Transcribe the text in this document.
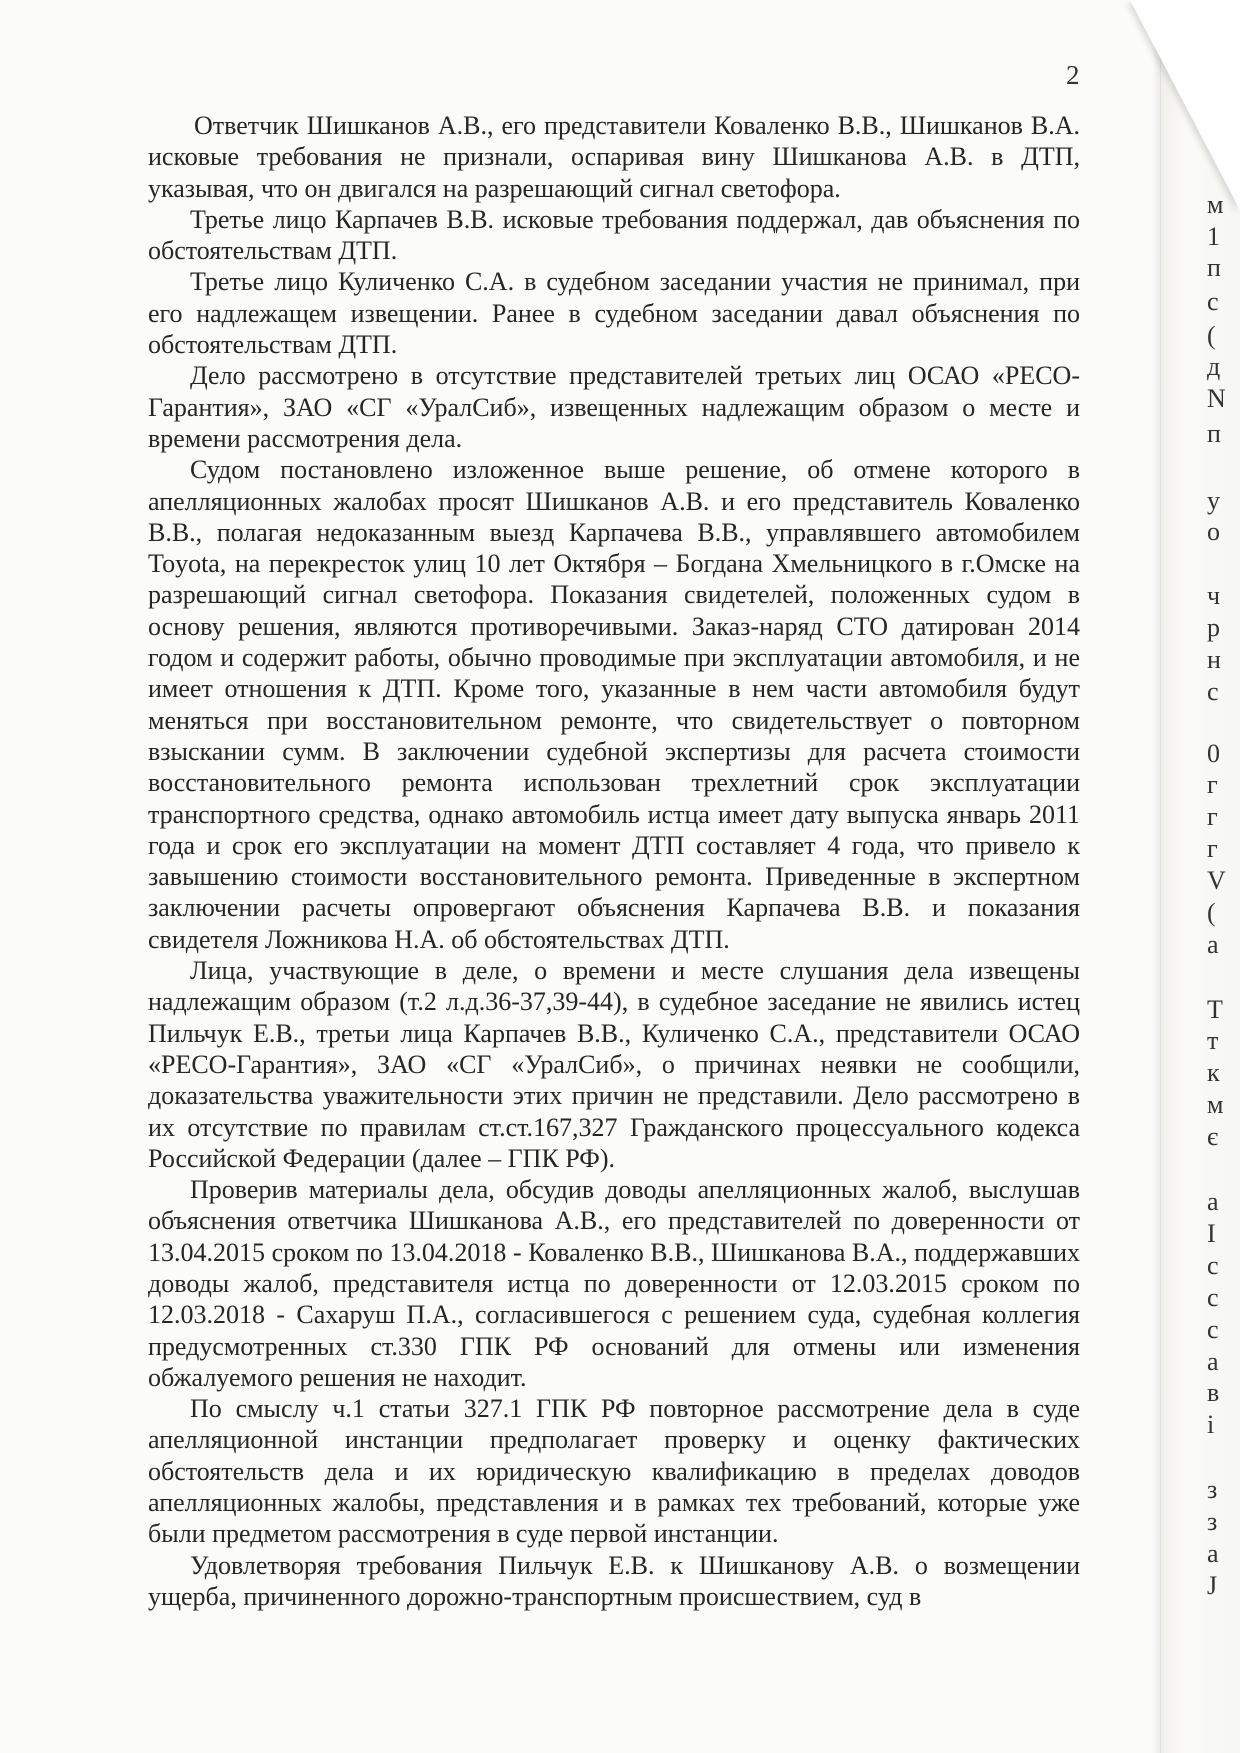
2

Ответчик Шишканов А.В., его представители Коваленко В.В., Шишканов В.А. исковые требования не признали, оспаривая вину Шишканова А.В. в ДТП, указывая, что он двигался на разрешающий сигнал светофора.

Третье лицо Карпачев В.В. исковые требования поддержал, дав объяснения по обстоятельствам ДТП.

Третье лицо Куличенко С.А. в судебном заседании участия не принимал, при его надлежащем извещении. Ранее в судебном заседании давал объяснения по обстоятельствам ДТП.

Дело рассмотрено в отсутствие представителей третьих лиц ОСАО «РЕСО-Гарантия», ЗАО «СГ «УралСиб», извещенных надлежащим образом о месте и времени рассмотрения дела.

Судом постановлено изложенное выше решение, об отмене которого в апелляционных жалобах просят Шишканов А.В. и его представитель Коваленко В.В., полагая недоказанным выезд Карпачева В.В., управлявшего автомобилем Toyota, на перекресток улиц 10 лет Октября – Богдана Хмельницкого в г.Омске на разрешающий сигнал светофора. Показания свидетелей, положенных судом в основу решения, являются противоречивыми. Заказ-наряд СТО датирован 2014 годом и содержит работы, обычно проводимые при эксплуатации автомобиля, и не имеет отношения к ДТП. Кроме того, указанные в нем части автомобиля будут меняться при восстановительном ремонте, что свидетельствует о повторном взыскании сумм. В заключении судебной экспертизы для расчета стоимости восстановительного ремонта использован трехлетний срок эксплуатации транспортного средства, однако автомобиль истца имеет дату выпуска январь 2011 года и срок его эксплуатации на момент ДТП составляет 4 года, что привело к завышению стоимости восстановительного ремонта. Приведенные в экспертном заключении расчеты опровергают объяснения Карпачева В.В. и показания свидетеля Ложникова Н.А. об обстоятельствах ДТП.

Лица, участвующие в деле, о времени и месте слушания дела извещены надлежащим образом (т.2 л.д.36-37,39-44), в судебное заседание не явились истец Пильчук Е.В., третьи лица Карпачев В.В., Куличенко С.А., представители ОСАО «РЕСО-Гарантия», ЗАО «СГ «УралСиб», о причинах неявки не сообщили, доказательства уважительности этих причин не представили. Дело рассмотрено в их отсутствие по правилам ст.ст.167,327 Гражданского процессуального кодекса Российской Федерации (далее – ГПК РФ).

Проверив материалы дела, обсудив доводы апелляционных жалоб, выслушав объяснения ответчика Шишканова А.В., его представителей по доверенности от 13.04.2015 сроком по 13.04.2018 - Коваленко В.В., Шишканова В.А., поддержавших доводы жалоб, представителя истца по доверенности от 12.03.2015 сроком по 12.03.2018 - Сахаруш П.А., согласившегося с решением суда, судебная коллегия предусмотренных ст.330 ГПК РФ оснований для отмены или изменения обжалуемого решения не находит.

По смыслу ч.1 статьи 327.1 ГПК РФ повторное рассмотрение дела в суде апелляционной инстанции предполагает проверку и оценку фактических обстоятельств дела и их юридическую квалификацию в пределах доводов апелляционных жалобы, представления и в рамках тех требований, которые уже были предметом рассмотрения в суде первой инстанции.

Удовлетворяя требования Пильчук Е.В. к Шишканову А.В. о возмещении ущерба, причиненного дорожно-транспортным происшествием, суд в

м
1
п
с
(
д
N
п
у
о
ч
р
н
с
0
г
г
г
V
(
а
Т
т
к
м
є
а
І
с
с
с
а
в
і
з
з
а
J
